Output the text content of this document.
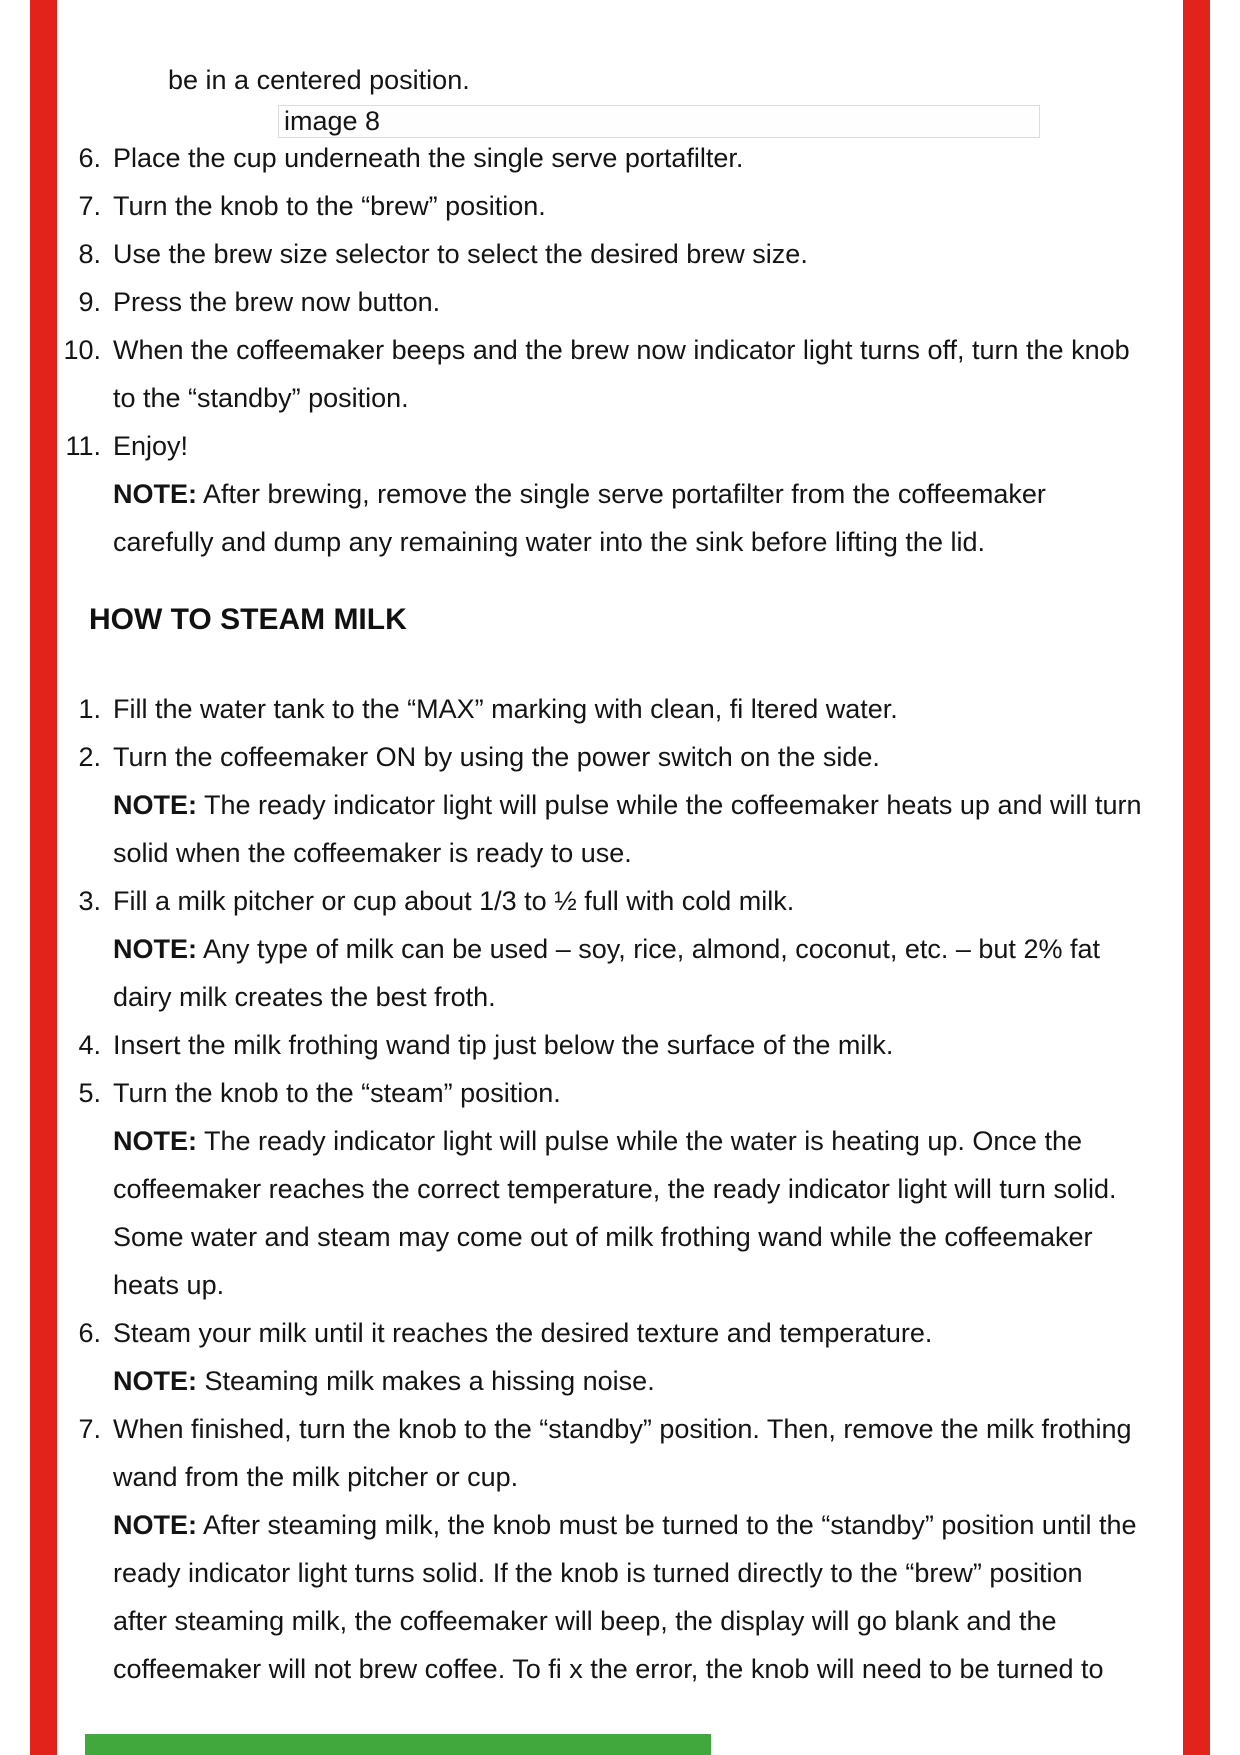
be in a centered position.
image 8
6. Place the cup underneath the single serve portafilter.
7. Turn the knob to the “brew” position.
8. Use the brew size selector to select the desired brew size.
9. Press the brew now button.
10. When the coffeemaker beeps and the brew now indicator light turns off, turn the knob
to the “standby” position.
11. Enjoy!
NOTE: After brewing, remove the single serve portafilter from the coffeemaker
carefully and dump any remaining water into the sink before lifting the lid.
HOW TO STEAM MILK
1. Fill the water tank to the “MAX” marking with clean, fi ltered water.
2. Turn the coffeemaker ON by using the power switch on the side.
NOTE: The ready indicator light will pulse while the coffeemaker heats up and will turn
solid when the coffeemaker is ready to use.
3. Fill a milk pitcher or cup about 1/3 to ½ full with cold milk.
NOTE: Any type of milk can be used – soy, rice, almond, coconut, etc. – but 2% fat
dairy milk creates the best froth.
4. Insert the milk frothing wand tip just below the surface of the milk.
5. Turn the knob to the “steam” position.
NOTE: The ready indicator light will pulse while the water is heating up. Once the
coffeemaker reaches the correct temperature, the ready indicator light will turn solid.
Some water and steam may come out of milk frothing wand while the coffeemaker
heats up.
6. Steam your milk until it reaches the desired texture and temperature.
NOTE: Steaming milk makes a hissing noise.
7. When finished, turn the knob to the “standby” position. Then, remove the milk frothing
wand from the milk pitcher or cup.
NOTE: After steaming milk, the knob must be turned to the “standby” position until the
ready indicator light turns solid. If the knob is turned directly to the “brew” position
after steaming milk, the coffeemaker will beep, the display will go blank and the
coffeemaker will not brew coffee. To fi x the error, the knob will need to be turned to
